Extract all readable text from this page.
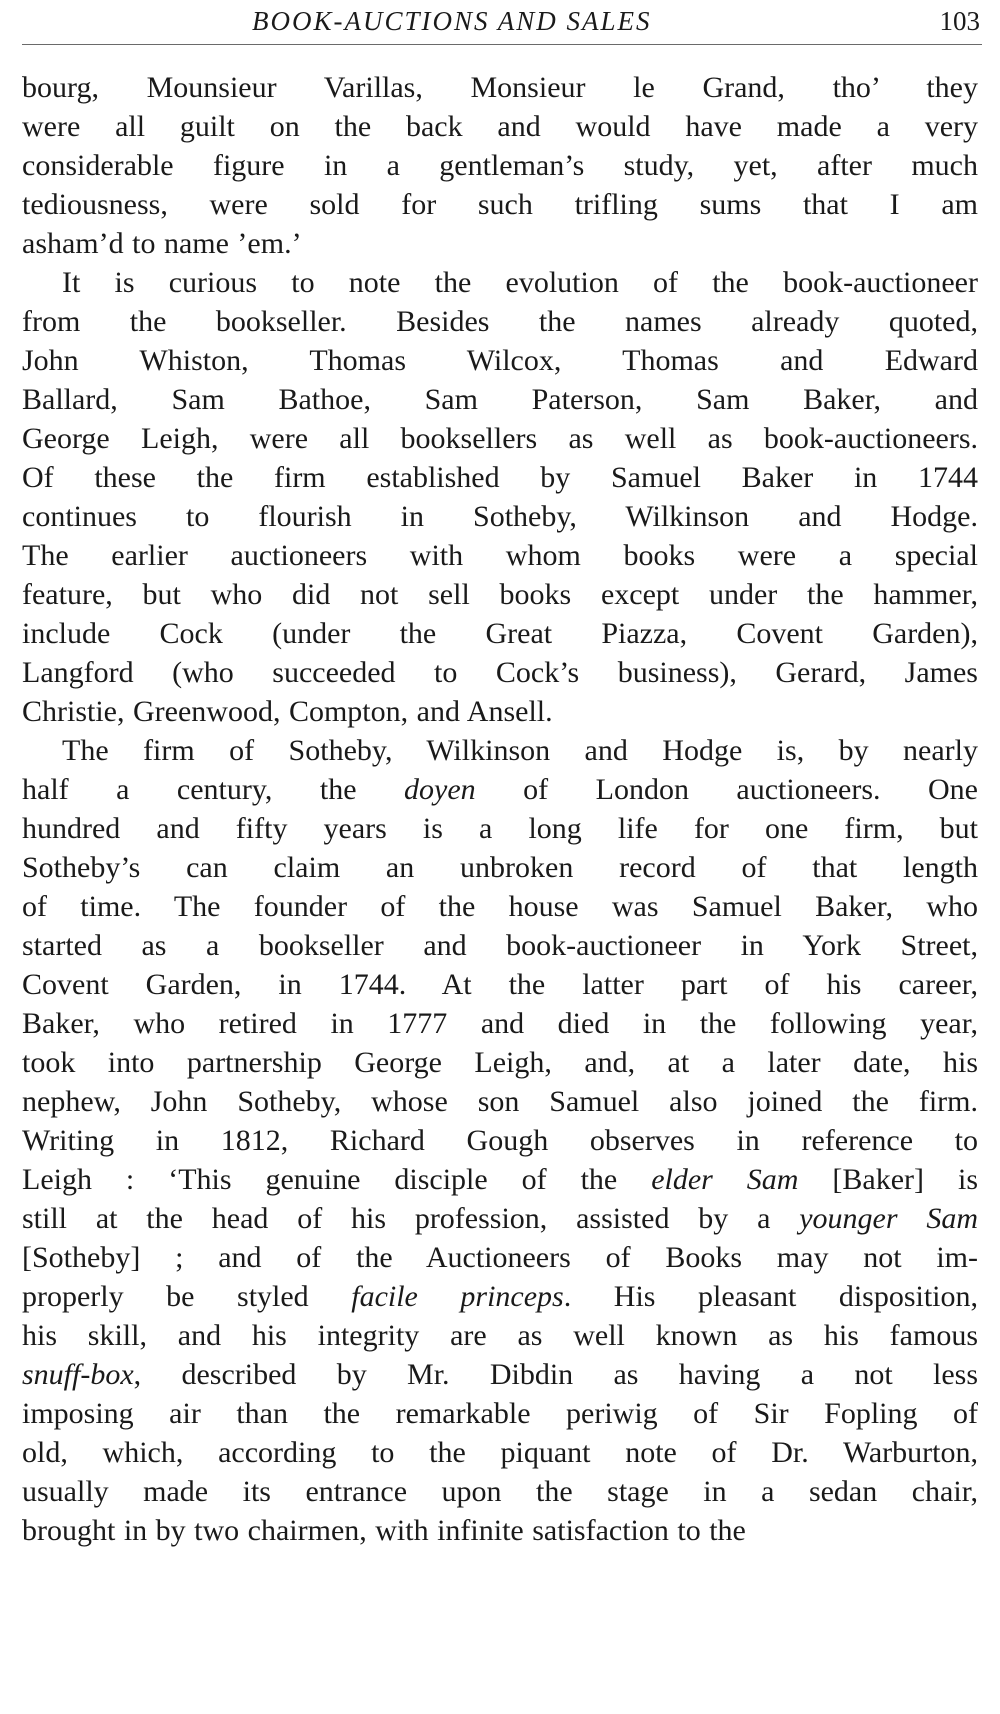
BOOK-AUCTIONS AND SALES	103
bourg, Mounsieur Varillas, Monsieur le Grand, tho’ they
were all guilt on the back and would have made a very
considerable figure in a gentleman’s study, yet, after much
tediousness, were sold for such trifling sums that I am
asham’d to name ’em.’
It is curious to note the evolution of the book-auctioneer
from the bookseller. Besides the names already quoted,
John Whiston, Thomas Wilcox, Thomas and Edward
Ballard, Sam Bathoe, Sam Paterson, Sam Baker, and
George Leigh, were all booksellers as well as book-auctioneers.
Of these the firm established by Samuel Baker in 1744
continues to flourish in Sotheby, Wilkinson and Hodge.
The earlier auctioneers with whom books were a special
feature, but who did not sell books except under the hammer,
include Cock (under the Great Piazza, Covent Garden),
Langford (who succeeded to Cock’s business), Gerard, James
Christie, Greenwood, Compton, and Ansell.
The firm of Sotheby, Wilkinson and Hodge is, by nearly
half a century, the doyen of London auctioneers. One
hundred and fifty years is a long life for one firm, but
Sotheby’s can claim an unbroken record of that length
of time. The founder of the house was Samuel Baker, who
started as a bookseller and book-auctioneer in York Street,
Covent Garden, in 1744. At the latter part of his career,
Baker, who retired in 1777 and died in the following year,
took into partnership George Leigh, and, at a later date, his
nephew, John Sotheby, whose son Samuel also joined the firm.
Writing in 1812, Richard Gough observes in reference to
Leigh : ‘This genuine disciple of the elder Sam [Baker] is
still at the head of his profession, assisted by a younger Sam
[Sotheby] ; and of the Auctioneers of Books may not im-
properly be styled facile princeps. His pleasant disposition,
his skill, and his integrity are as well known as his famous
snuff-box, described by Mr. Dibdin as having a not less
imposing air than the remarkable periwig of Sir Fopling of
old, which, according to the piquant note of Dr. Warburton,
usually made its entrance upon the stage in a sedan chair,
brought in by two chairmen, with infinite satisfaction to the
